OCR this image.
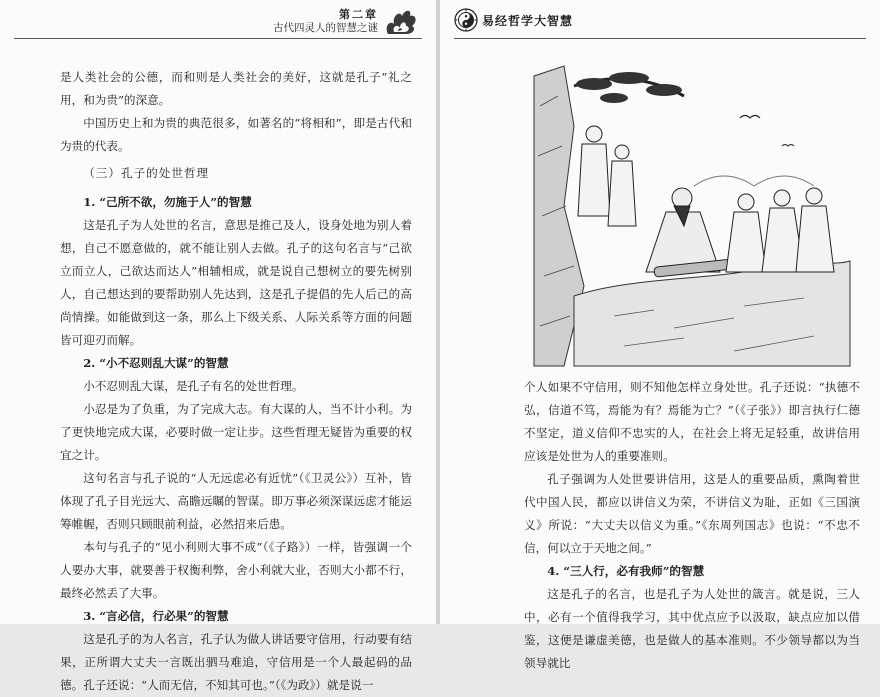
第二章
古代四灵人的智慧之谜

是人类社会的公德，而和则是人类社会的美好，这就是孔子“礼之用，和为贵”的深意。

中国历史上和为贵的典范很多，如著名的“将相和”，即是古代和为贵的代表。

（三）孔子的处世哲理
1. “己所不欲，勿施于人”的智慧

这是孔子为人处世的名言，意思是推己及人，设身处地为别人着想，自己不愿意做的，就不能让别人去做。孔子的这句名言与“己欲立而立人，己欲达而达人”相辅相成，就是说自己想树立的要先树别人，自己想达到的要帮助别人先达到，这是孔子提倡的先人后己的高尚情操。如能做到这一条，那么上下级关系、人际关系等方面的问题皆可迎刃而解。

2. “小不忍则乱大谋”的智慧

小不忍则乱大谋，是孔子有名的处世哲理。

小忍是为了负重，为了完成大志。有大谋的人，当不计小利。为了更快地完成大谋，必要时做一定让步。这些哲理无疑皆为重要的权宜之计。

这句名言与孔子说的“人无远虑必有近忧”（《卫灵公》）互补，皆体现了孔子目光远大、高瞻远瞩的智谋。即万事必须深谋远虑才能运筹帷幄，否则只顾眼前利益，必然招来后患。

本句与孔子的“见小利则大事不成”（《子路》）一样，皆强调一个人要办大事，就要善于权衡利弊，舍小利就大业，否则大小都不行，最终必然丢了大事。

3. “言必信，行必果”的智慧

这是孔子的为人名言，孔子认为做人讲话要守信用，行动要有结果，正所谓大丈夫一言既出驷马难追，守信用是一个人最起码的品德。孔子还说：“人而无信，不知其可也。”（《为政》）就是说一

易经哲学大智慧

个人如果不守信用，则不知他怎样立身处世。孔子还说：“执德不弘，信道不笃，焉能为有？焉能为亡？”（《子张》）即言执行仁德不坚定，道义信仰不忠实的人，在社会上将无足轻重，故讲信用应该是处世为人的重要准则。

孔子强调为人处世要讲信用，这是人的重要品质，熏陶着世代中国人民，都应以讲信义为荣，不讲信义为耻，正如《三国演义》所说：“大丈夫以信义为重。”《东周列国志》也说：“不忠不信，何以立于天地之间。”

4. “三人行，必有我师”的智慧

这是孔子的名言，也是孔子为人处世的箴言。就是说，三人中，必有一个值得我学习，其中优点应予以汲取，缺点应加以借鉴，这便是谦虚美德，也是做人的基本准则。不少领导都以为当领导就比
